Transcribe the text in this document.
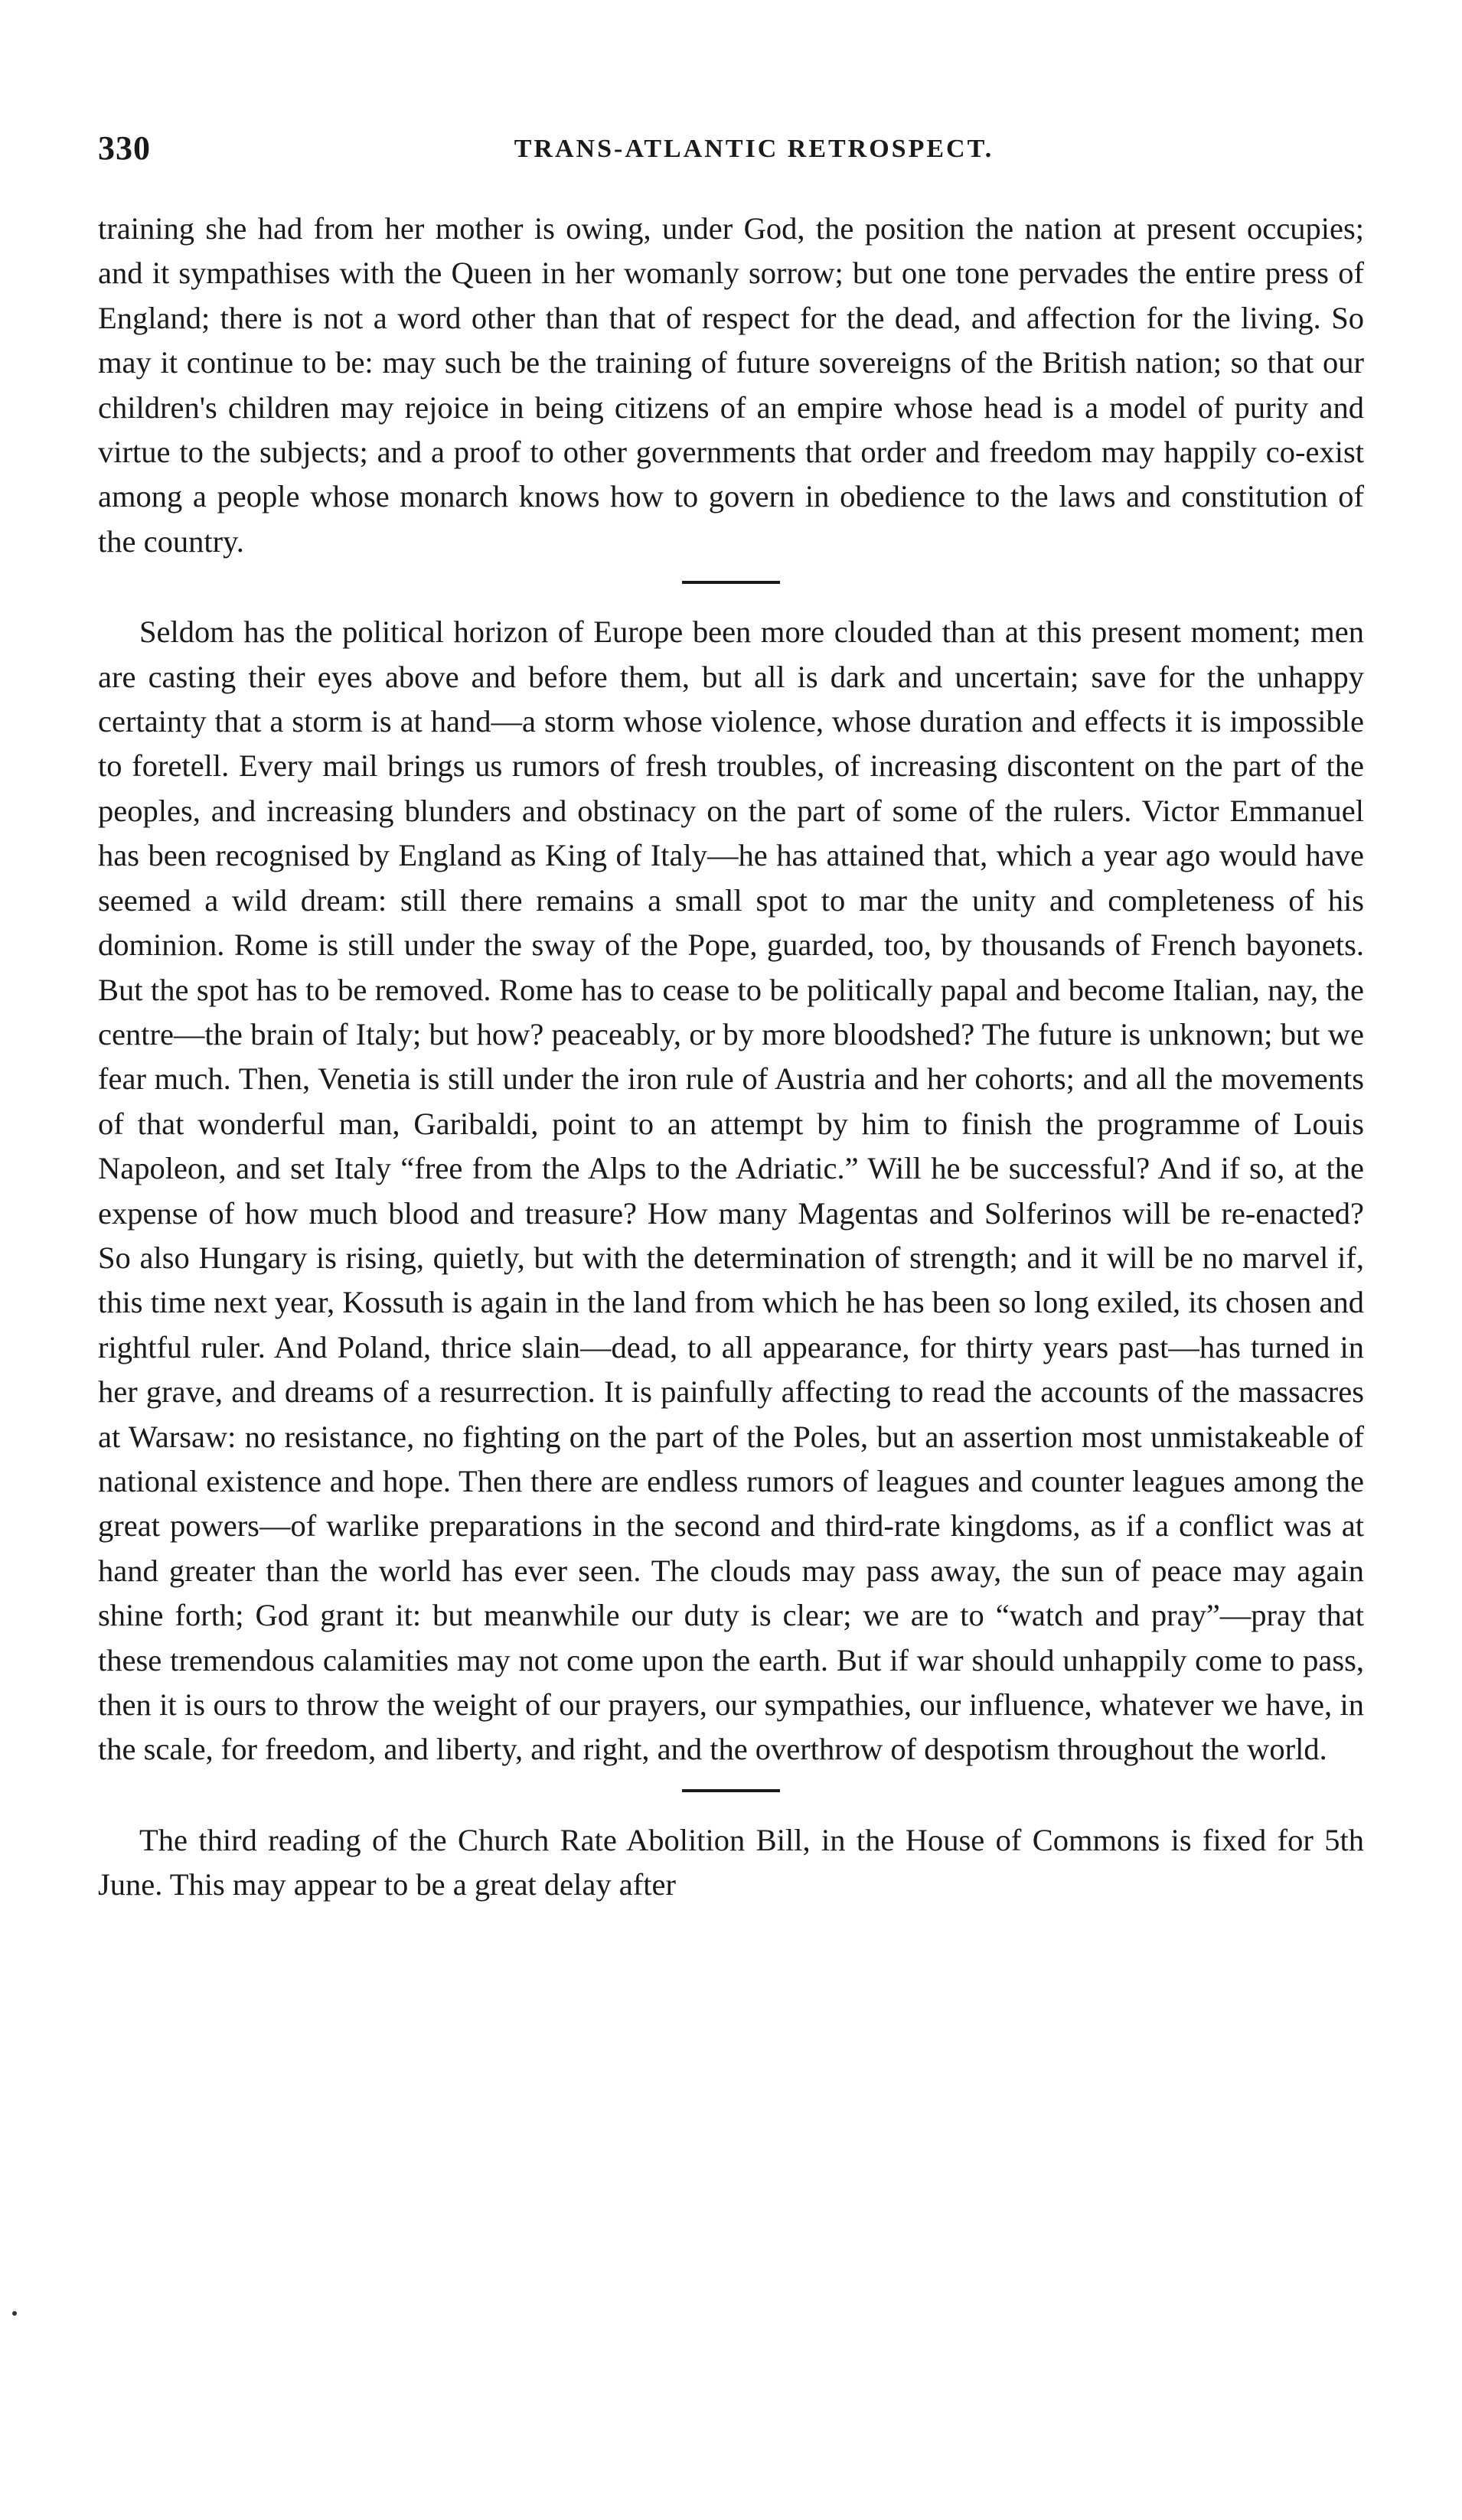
330	TRANS-ATLANTIC RETROSPECT.

training she had from her mother is owing, under God, the position the nation at present occupies; and it sympathises with the Queen in her womanly sorrow; but one tone pervades the entire press of England; there is not a word other than that of respect for the dead, and affection for the living. So may it continue to be: may such be the training of future sovereigns of the British nation; so that our children's children may rejoice in being citizens of an empire whose head is a model of purity and virtue to the subjects; and a proof to other governments that order and freedom may happily co-exist among a people whose monarch knows how to govern in obedience to the laws and constitution of the country.

Seldom has the political horizon of Europe been more clouded than at this present moment; men are casting their eyes above and before them, but all is dark and uncertain; save for the unhappy certainty that a storm is at hand—a storm whose violence, whose duration and effects it is impossible to foretell. Every mail brings us rumors of fresh troubles, of increasing discontent on the part of the peoples, and increasing blunders and obstinacy on the part of some of the rulers. Victor Emmanuel has been recognised by England as King of Italy—he has attained that, which a year ago would have seemed a wild dream: still there remains a small spot to mar the unity and completeness of his dominion. Rome is still under the sway of the Pope, guarded, too, by thousands of French bayonets. But the spot has to be removed. Rome has to cease to be politically papal and become Italian, nay, the centre—the brain of Italy; but how? peaceably, or by more bloodshed? The future is unknown; but we fear much. Then, Venetia is still under the iron rule of Austria and her cohorts; and all the movements of that wonderful man, Garibaldi, point to an attempt by him to finish the programme of Louis Napoleon, and set Italy “free from the Alps to the Adriatic.” Will he be successful? And if so, at the expense of how much blood and treasure? How many Magentas and Solferinos will be re-enacted? So also Hungary is rising, quietly, but with the determination of strength; and it will be no marvel if, this time next year, Kossuth is again in the land from which he has been so long exiled, its chosen and rightful ruler. And Poland, thrice slain—dead, to all appearance, for thirty years past—has turned in her grave, and dreams of a resurrection. It is painfully affecting to read the accounts of the massacres at Warsaw: no resistance, no fighting on the part of the Poles, but an assertion most unmistakeable of national existence and hope. Then there are endless rumors of leagues and counter leagues among the great powers—of warlike preparations in the second and third-rate kingdoms, as if a conflict was at hand greater than the world has ever seen. The clouds may pass away, the sun of peace may again shine forth; God grant it: but meanwhile our duty is clear; we are to “watch and pray”—pray that these tremendous calamities may not come upon the earth. But if war should unhappily come to pass, then it is ours to throw the weight of our prayers, our sympathies, our influence, whatever we have, in the scale, for freedom, and liberty, and right, and the overthrow of despotism throughout the world.

The third reading of the Church Rate Abolition Bill, in the House of Commons is fixed for 5th June. This may appear to be a great delay after
